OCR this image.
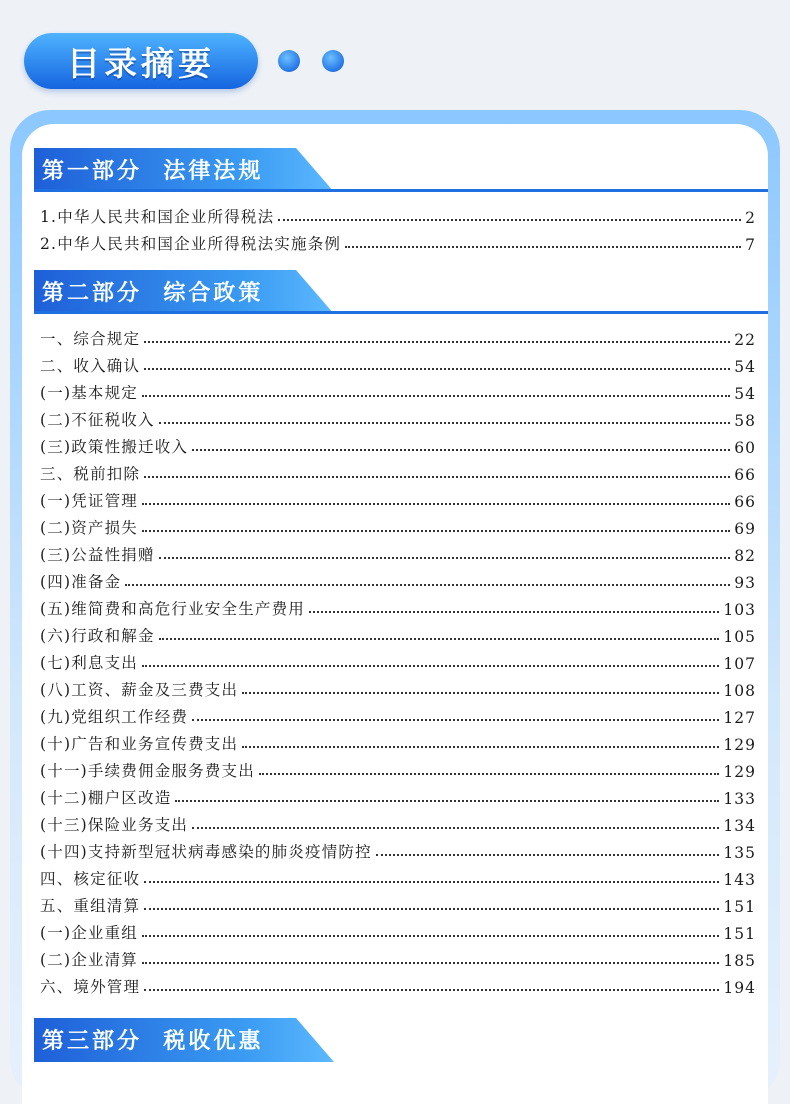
目录摘要
第一部分  法律法规
1.中华人民共和国企业所得税法	2
2.中华人民共和国企业所得税法实施条例	7
第二部分  综合政策
一、综合规定	22
二、收入确认	54
(一)基本规定	54
(二)不征税收入	58
(三)政策性搬迁收入	60
三、税前扣除	66
(一)凭证管理	66
(二)资产损失	69
(三)公益性捐赠	82
(四)准备金	93
(五)维简费和高危行业安全生产费用	103
(六)行政和解金	105
(七)利息支出	107
(八)工资、薪金及三费支出	108
(九)党组织工作经费	127
(十)广告和业务宣传费支出	129
(十一)手续费佣金服务费支出	129
(十二)棚户区改造	133
(十三)保险业务支出	134
(十四)支持新型冠状病毒感染的肺炎疫情防控	135
四、核定征收	143
五、重组清算	151
(一)企业重组	151
(二)企业清算	185
六、境外管理	194
第三部分  税收优惠
